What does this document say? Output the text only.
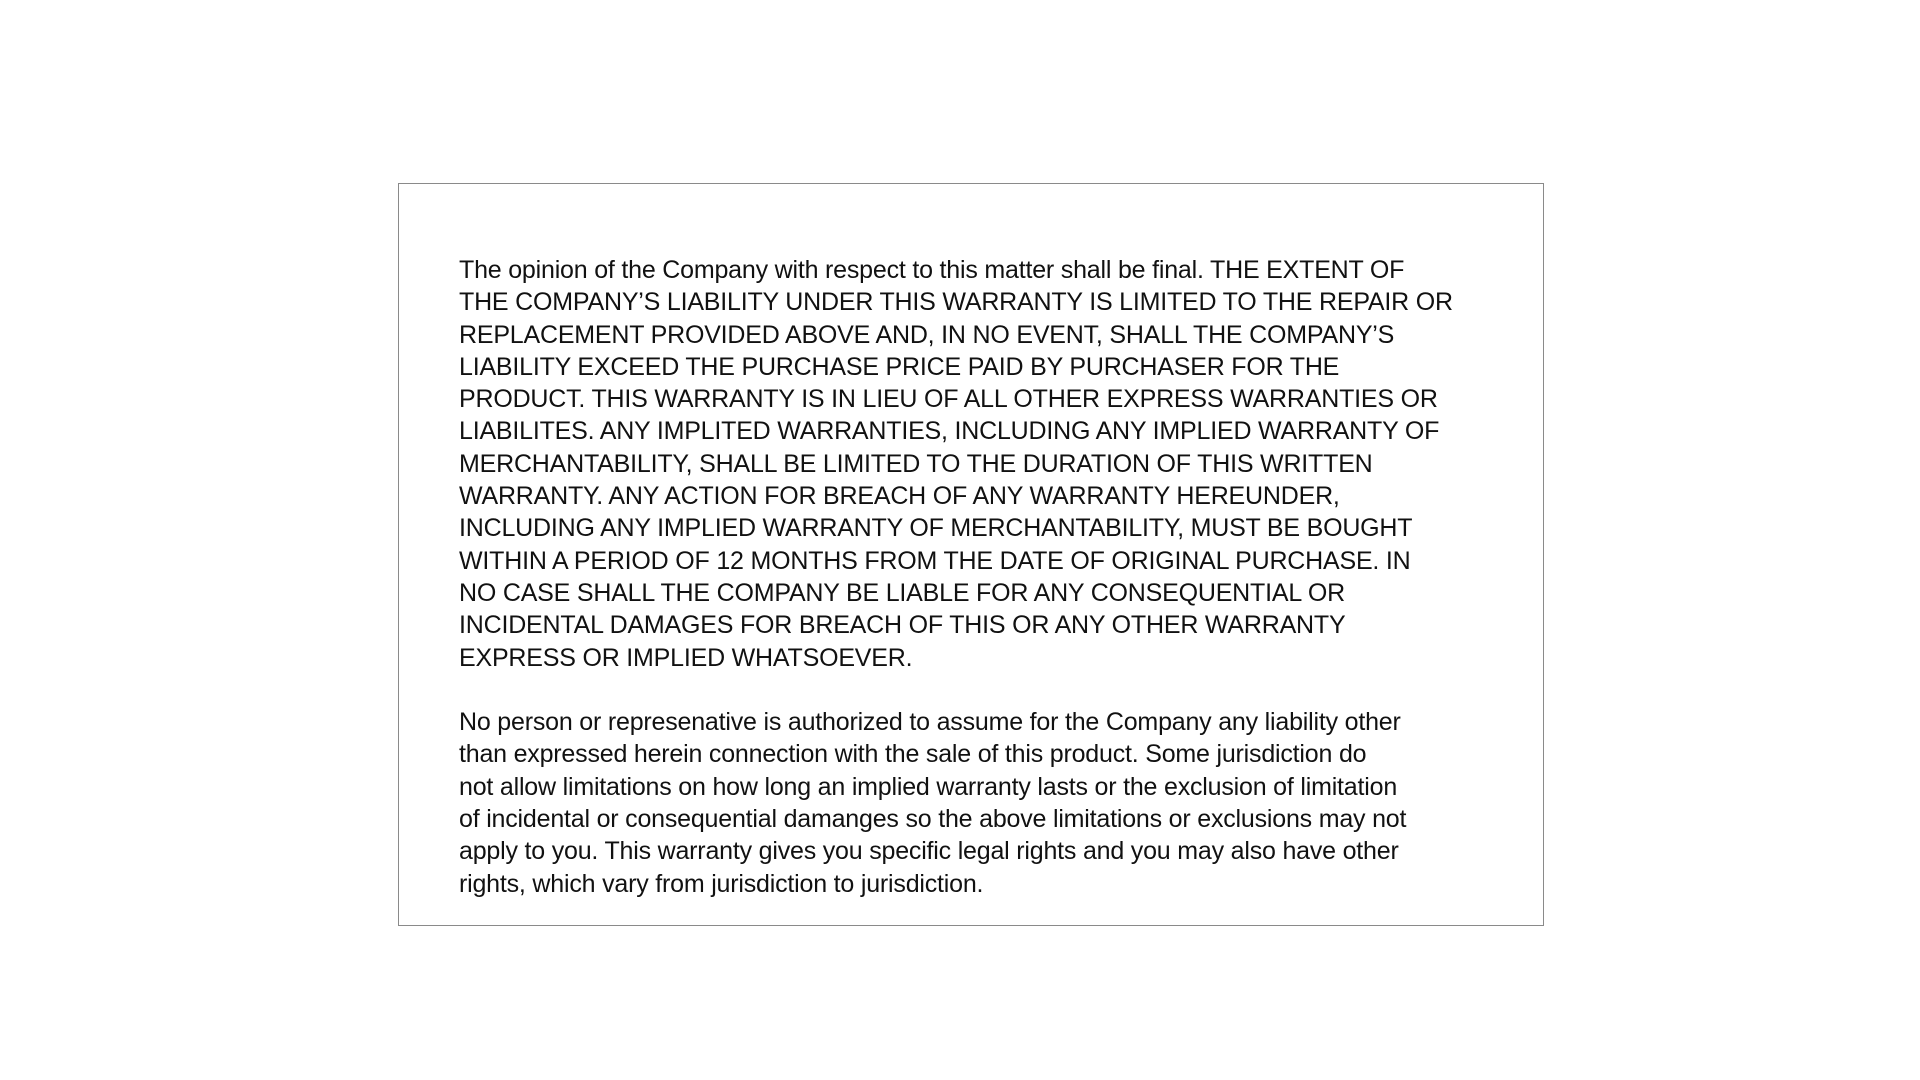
The opinion of the Company with respect to this matter shall be final. THE EXTENT OF
THE COMPANY’S LIABILITY UNDER THIS WARRANTY IS LIMITED TO THE REPAIR OR
REPLACEMENT PROVIDED ABOVE AND, IN NO EVENT, SHALL THE COMPANY’S
LIABILITY EXCEED THE PURCHASE PRICE PAID BY PURCHASER FOR THE
PRODUCT. THIS WARRANTY IS IN LIEU OF ALL OTHER EXPRESS WARRANTIES OR
LIABILITES. ANY IMPLITED WARRANTIES, INCLUDING ANY IMPLIED WARRANTY OF
MERCHANTABILITY, SHALL BE LIMITED TO THE DURATION OF THIS WRITTEN
WARRANTY. ANY ACTION FOR BREACH OF ANY WARRANTY HEREUNDER,
INCLUDING ANY IMPLIED WARRANTY OF MERCHANTABILITY, MUST BE BOUGHT
WITHIN A PERIOD OF 12 MONTHS FROM THE DATE OF ORIGINAL PURCHASE. IN
NO CASE SHALL THE COMPANY BE LIABLE FOR ANY CONSEQUENTIAL OR
INCIDENTAL DAMAGES FOR BREACH OF THIS OR ANY OTHER WARRANTY
EXPRESS OR IMPLIED WHATSOEVER.
No person or represenative is authorized to assume for the Company any liability other
than expressed herein connection with the sale of this product. Some jurisdiction do
not allow limitations on how long an implied warranty lasts or the exclusion of limitation
of incidental or consequential damanges so the above limitations or exclusions may not
apply to you. This warranty gives you specific legal rights and you may also have other
rights, which vary from jurisdiction to jurisdiction.
